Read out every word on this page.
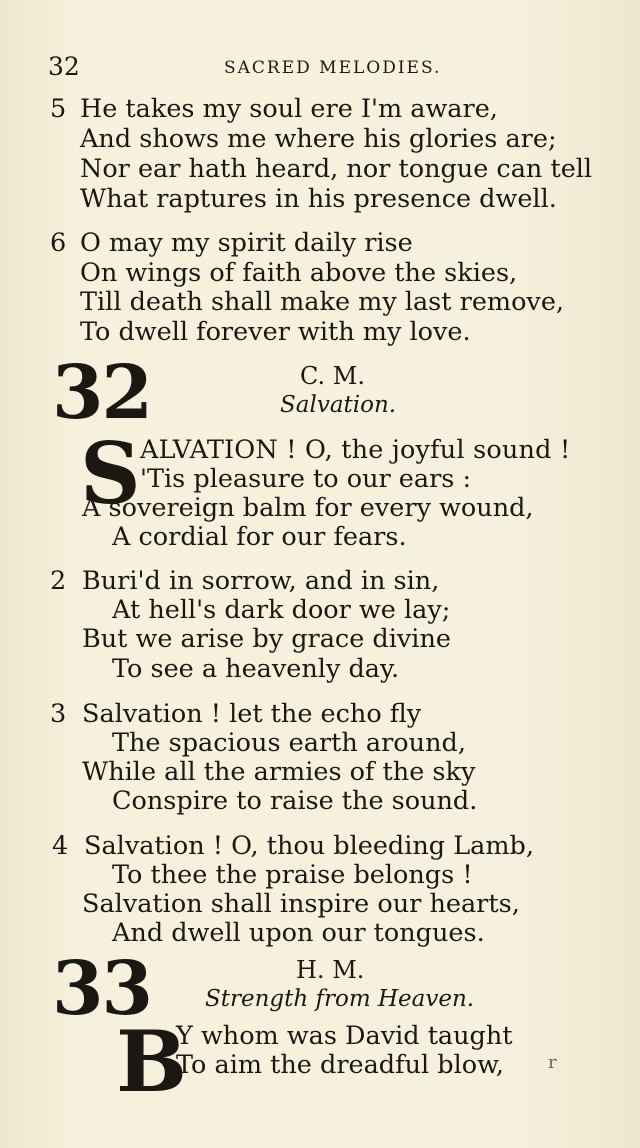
32	SACRED MELODIES.
5 He takes my soul ere I'm aware,
And shows me where his glories are;
Nor ear hath heard, nor tongue can tell
What raptures in his presence dwell.
6 O may my spirit daily rise
On wings of faith above the skies,
Till death shall make my last remove,
To dwell forever with my love.
32	C. M.
Salvation.
S ALVATION ! O, the joyful sound !
'Tis pleasure to our ears :
A sovereign balm for every wound,
A cordial for our fears.
2 Buri'd in sorrow, and in sin,
At hell's dark door we lay;
But we arise by grace divine
To see a heavenly day.
3 Salvation ! let the echo fly
The spacious earth around,
While all the armies of the sky
Conspire to raise the sound.
4 Salvation ! O, thou bleeding Lamb,
To thee the praise belongs !
Salvation shall inspire our hearts,
And dwell upon our tongues.
33	H. M.
Strength from Heaven.
B
Y whom was David taught
To aim the dreadful blow, r
